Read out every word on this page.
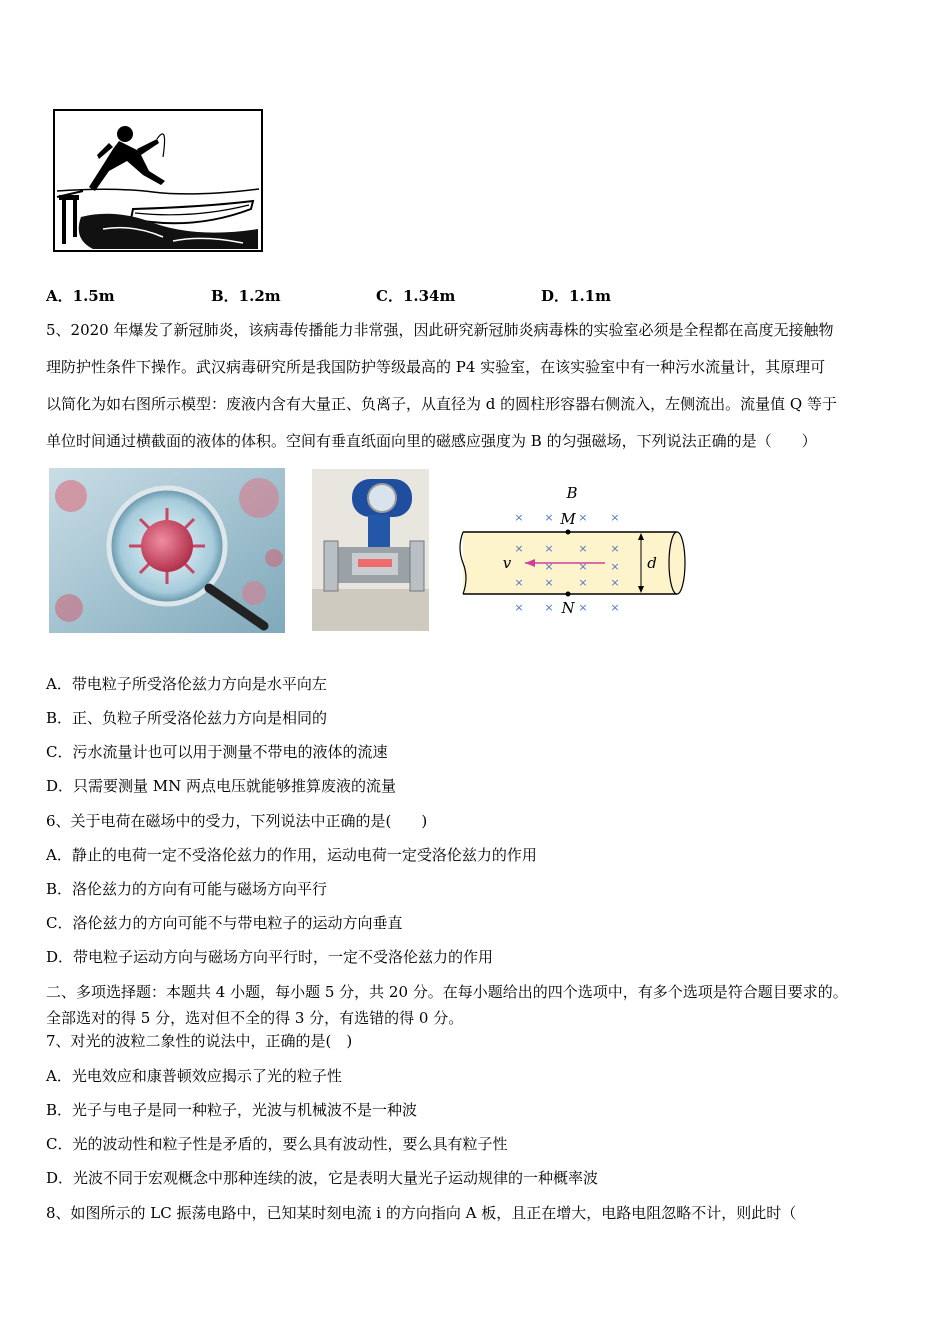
A．1.5m	B．1.2m	C．1.34m	D．1.1m
5、2020 年爆发了新冠肺炎，该病毒传播能力非常强，因此研究新冠肺炎病毒株的实验室必须是全程都在高度无接触物
理防护性条件下操作。武汉病毒研究所是我国防护等级最高的 P4 实验室，在该实验室中有一种污水流量计，其原理可
以简化为如右图所示模型：废液内含有大量正、负离子，从直径为 d 的圆柱形容器右侧流入，左侧流出。流量值 Q 等于
单位时间通过横截面的液体的体积。空间有垂直纸面向里的磁感应强度为 B 的匀强磁场，下列说法正确的是（　　）
× × × ×
× × × ×
× × ×
× × × ×
× × × ×
B
M
N
v	d
A．带电粒子所受洛伦兹力方向是水平向左
B．正、负粒子所受洛伦兹力方向是相同的
C．污水流量计也可以用于测量不带电的液体的流速
D．只需要测量 MN 两点电压就能够推算废液的流量
6、关于电荷在磁场中的受力，下列说法中正确的是(　　)
A．静止的电荷一定不受洛伦兹力的作用，运动电荷一定受洛伦兹力的作用
B．洛伦兹力的方向有可能与磁场方向平行
C．洛伦兹力的方向可能不与带电粒子的运动方向垂直
D．带电粒子运动方向与磁场方向平行时，一定不受洛伦兹力的作用
二、多项选择题：本题共 4 小题，每小题 5 分，共 20 分。在每小题给出的四个选项中，有多个选项是符合题目要求的。
全部选对的得 5 分，选对但不全的得 3 分，有选错的得 0 分。
7、对光的波粒二象性的说法中，正确的是(　)
A．光电效应和康普顿效应揭示了光的粒子性
B．光子与电子是同一种粒子，光波与机械波不是一种波
C．光的波动性和粒子性是矛盾的，要么具有波动性，要么具有粒子性
D．光波不同于宏观概念中那种连续的波，它是表明大量光子运动规律的一种概率波
8、如图所示的 LC 振荡电路中，已知某时刻电流 i 的方向指向 A 板，且正在增大，电路电阻忽略不计，则此时（
